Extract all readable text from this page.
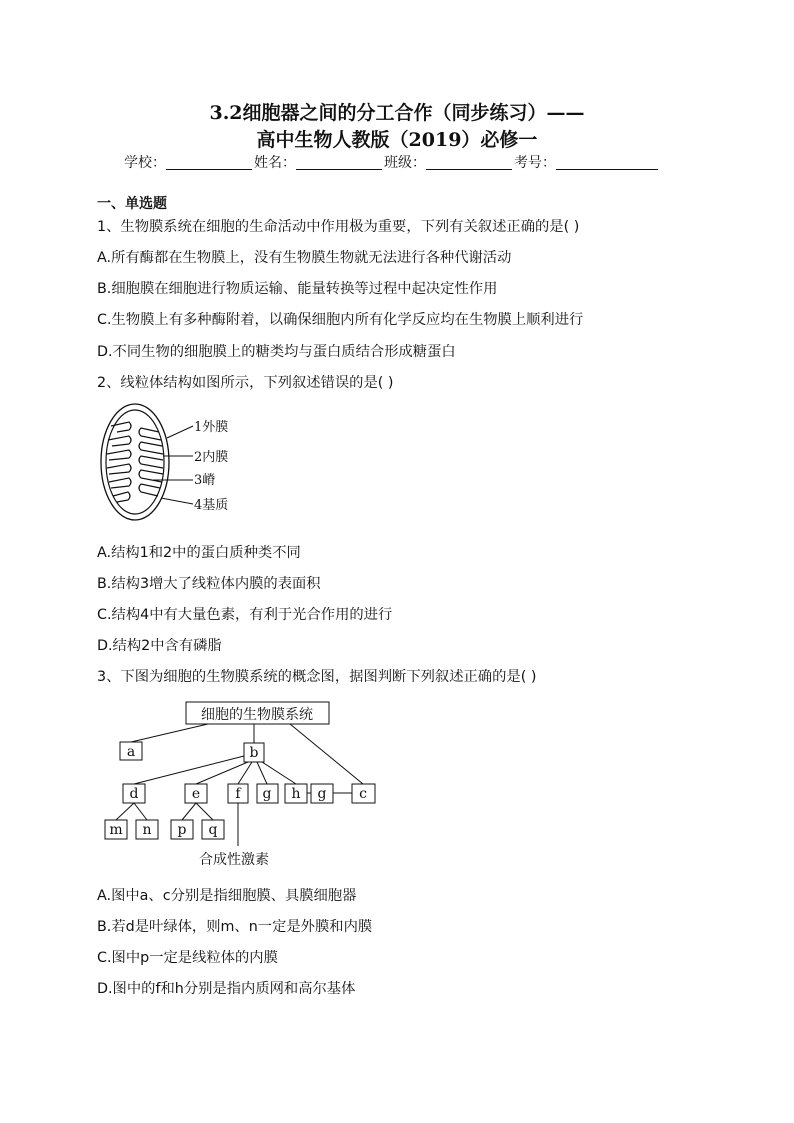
3.2细胞器之间的分工合作（同步练习）——
高中生物人教版（2019）必修一
学校：	姓名：	班级：	考号：
一、单选题
1、生物膜系统在细胞的生命活动中作用极为重要，下列有关叙述正确的是( )
A.所有酶都在生物膜上，没有生物膜生物就无法进行各种代谢活动
B.细胞膜在细胞进行物质运输、能量转换等过程中起决定性作用
C.生物膜上有多种酶附着，以确保细胞内所有化学反应均在生物膜上顺利进行
D.不同生物的细胞膜上的糖类均与蛋白质结合形成糖蛋白
2、线粒体结构如图所示，下列叙述错误的是( )
1外膜
2内膜
3嵴
4基质
A.结构1和2中的蛋白质种类不同
B.结构3增大了线粒体内膜的表面积
C.结构4中有大量色素，有利于光合作用的进行
D.结构2中含有磷脂
3、下图为细胞的生物膜系统的概念图，据图判断下列叙述正确的是( )
细胞的生物膜系统
a	b
d	e	f g h g c
m n p q
合成性激素
A.图中a、c分别是指细胞膜、具膜细胞器
B.若d是叶绿体，则m、n一定是外膜和内膜
C.图中p一定是线粒体的内膜
D.图中的f和h分别是指内质网和高尔基体
